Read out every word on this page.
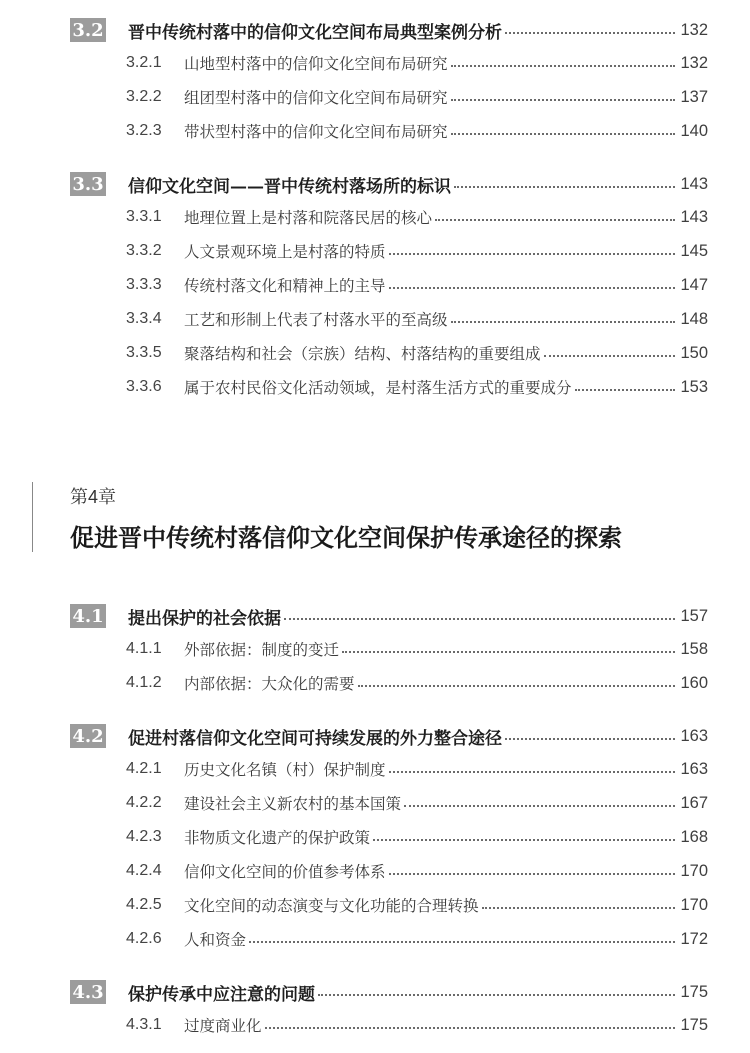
3.2 晋中传统村落中的信仰文化空间布局典型案例分析	132
3.2.1	山地型村落中的信仰文化空间布局研究	132
3.2.2	组团型村落中的信仰文化空间布局研究	137
3.2.3	带状型村落中的信仰文化空间布局研究	140
3.3 信仰文化空间——晋中传统村落场所的标识	143
3.3.1	地理位置上是村落和院落民居的核心	143
3.3.2	人文景观环境上是村落的特质	145
3.3.3	传统村落文化和精神上的主导	147
3.3.4	工艺和形制上代表了村落水平的至高级	148
3.3.5	聚落结构和社会（宗族）结构、村落结构的重要组成	150
3.3.6	属于农村民俗文化活动领域，是村落生活方式的重要成分	153
4.1 提出保护的社会依据	157
4.1.1	外部依据：制度的变迁	158
4.1.2	内部依据：大众化的需要	160
4.2 促进村落信仰文化空间可持续发展的外力整合途径	163
4.2.1	历史文化名镇（村）保护制度	163
4.2.2	建设社会主义新农村的基本国策	167
4.2.3	非物质文化遗产的保护政策	168
4.2.4	信仰文化空间的价值参考体系	170
4.2.5	文化空间的动态演变与文化功能的合理转换	170
4.2.6	人和资金	172
4.3 保护传承中应注意的问题	175
4.3.1	过度商业化	175
第4章
促进晋中传统村落信仰文化空间保护传承途径的探索
